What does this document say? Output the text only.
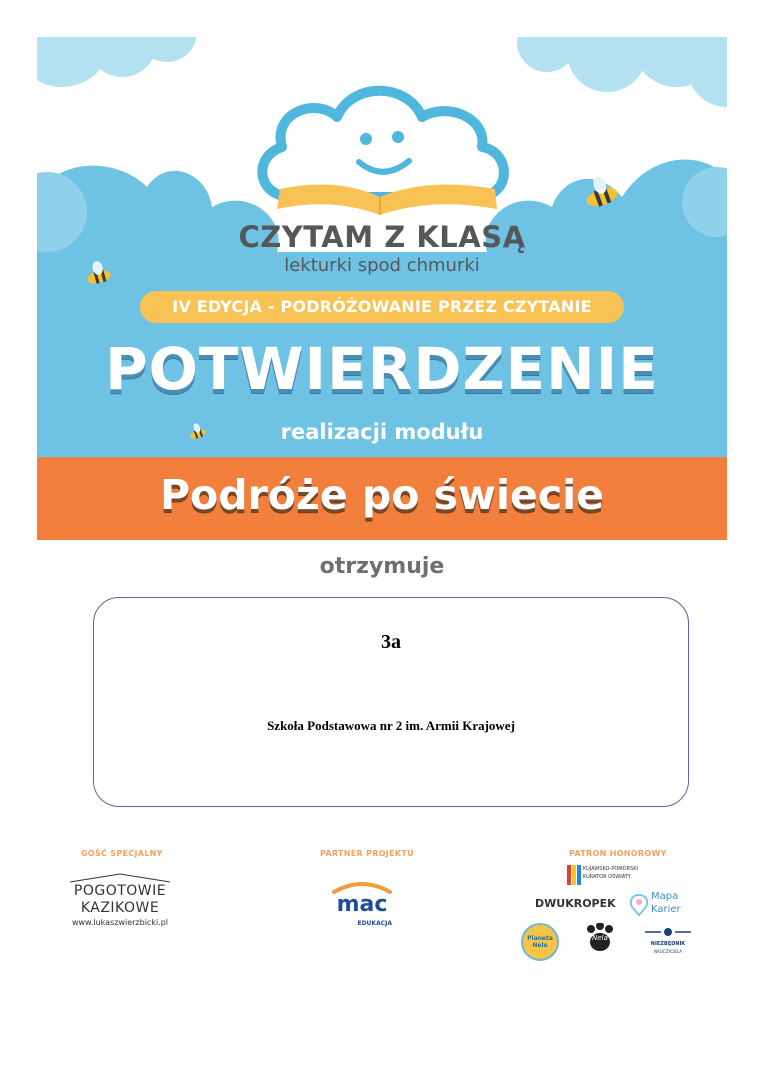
CZYTAM Z KLASĄ
lekturki spod chmurki
IV EDYCJA - PODRÓŻOWANIE PRZEZ CZYTANIE
POTWIERDZENIE
realizacji modułu
Podróże po świecie
otrzymuje
3a
Szkoła Podstawowa nr 2 im. Armii Krajowej
GOŚĆ SPECJALNY
POGOTOWIE
KAZIKOWE
www.lukaszwierzbicki.pl
PARTNER PROJEKTU
mac
EDUKACJA
PATRON HONOROWY
KUJAWSKO-POMORSKI
KURATOR OŚWIATY
DWUKROPEK
Mapa
Karier
Planeta Nele
Nela
NIEZBĘDNIK
NAUCZYCIELA
